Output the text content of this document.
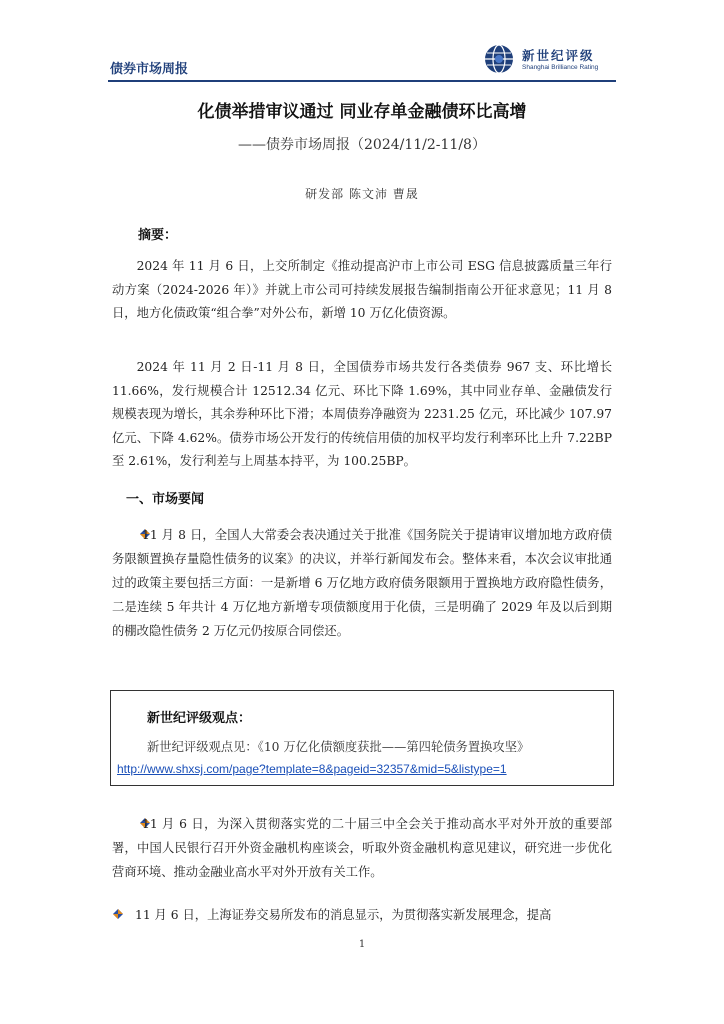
债券市场周报
新世纪评级
Shanghai Brilliance Rating
化债举措审议通过 同业存单金融债环比高增
——债券市场周报（2024/11/2-11/8）
研发部 陈文沛 曹晟
摘要：

2024 年 11 月 6 日，上交所制定《推动提高沪市上市公司 ESG 信息披露质量三年行动方案（2024-2026 年）》并就上市公司可持续发展报告编制指南公开征求意见；11 月 8 日，地方化债政策“组合拳”对外公布，新增 10 万亿化债资源。

2024 年 11 月 2 日-11 月 8 日，全国债券市场共发行各类债券 967 支、环比增长 11.66%，发行规模合计 12512.34 亿元、环比下降 1.69%，其中同业存单、金融债发行规模表现为增长，其余券种环比下滑；本周债券净融资为 2231.25 亿元，环比减少 107.97 亿元、下降 4.62%。债券市场公开发行的传统信用债的加权平均发行利率环比上升 7.22BP 至 2.61%，发行利差与上周基本持平，为 100.25BP。

一、市场要闻

11 月 8 日，全国人大常委会表决通过关于批准《国务院关于提请审议增加地方政府债务限额置换存量隐性债务的议案》的决议，并举行新闻发布会。整体来看，本次会议审批通过的政策主要包括三方面：一是新增 6 万亿地方政府债务限额用于置换地方政府隐性债务，二是连续 5 年共计 4 万亿地方新增专项债额度用于化债，三是明确了 2029 年及以后到期的棚改隐性债务 2 万亿元仍按原合同偿还。

新世纪评级观点：
新世纪评级观点见：《10 万亿化债额度获批——第四轮债务置换攻坚》
http://www.shxsj.com/page?template=8&pageid=32357&mid=5&listype=1

11 月 6 日，为深入贯彻落实党的二十届三中全会关于推动高水平对外开放的重要部署，中国人民银行召开外资金融机构座谈会，听取外资金融机构意见建议，研究进一步优化营商环境、推动金融业高水平对外开放有关工作。

11 月 6 日，上海证券交易所发布的消息显示，为贯彻落实新发展理念，提高

1
